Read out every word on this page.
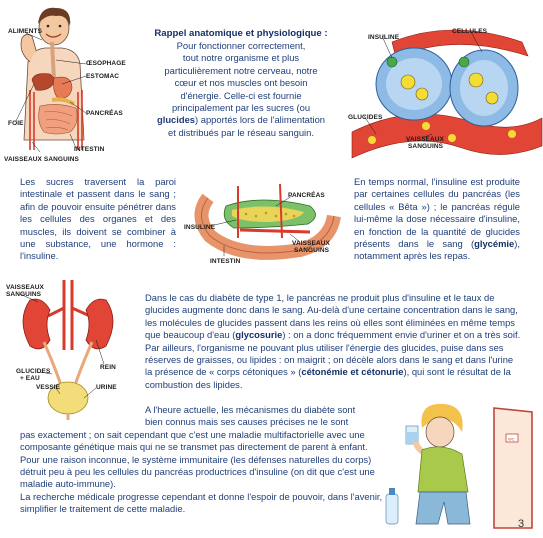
ALIMENTS
ŒSOPHAGE
ESTOMAC
PANCRÉAS
FOIE
INTESTIN
VAISSEAUX SANGUINS
Rappel anatomique et physiologique :
Pour fonctionner correctement,
tout notre organisme et plus
particulièrement notre cerveau, notre
cœur et nos muscles ont besoin
d'énergie. Celle-ci est fournie
principalement par les sucres (ou
glucides) apportés lors de l'alimentation
et distribués par le réseau sanguin.
INSULINE
CELLULES
GLUCIDES
VAISSEAUX
SANGUINS
Les sucres traversent la paroi intestinale et passent dans le sang ; afin de pouvoir ensuite pénétrer dans les cellules des organes et des muscles, ils doivent se combiner à une substance, une hormone : l'insuline.
PANCRÉAS
INSULINE
VAISSEAUX
SANGUINS
INTESTIN
En temps normal, l'insuline est produite par certaines cellules du pancréas (les cellules « Bêta ») ; le pancréas régule lui-même la dose nécessaire d'insuline, en fonction de la quantité de glucides présents dans le sang (glycémie), notamment après les repas.
VAISSEAUX
SANGUINS
REIN
GLUCIDES
+ EAU
VESSIE	URINE
Dans le cas du diabète de type 1, le pancréas ne produit plus d'insuline et le taux de glucides augmente donc dans le sang. Au-delà d'une certaine concentration dans le sang, les molécules de glucides passent dans les reins où elles sont éliminées en même temps que beaucoup d'eau (glycosurie) : on a donc fréquemment envie d'uriner et on a très soif. Par ailleurs, l'organisme ne pouvant plus utiliser l'énergie des glucides, puise dans ses réserves de graisses, ou lipides : on maigrit ; on décèle alors dans le sang et dans l'urine la présence de « corps cétoniques » (cétonémie et cétonurie), qui sont le résultat de la combustion des lipides.
WC
A l'heure actuelle, les mécanismes du diabète sont
bien connus mais ses causes précises ne le sont
pas exactement ; on sait cependant que c'est une maladie multifactorielle avec une composante génétique mais qui ne se transmet pas directement de parent à enfant. Pour une raison inconnue, le système immunitaire (les défenses naturelles du corps) détruit peu à peu les cellules du pancréas productrices d'insuline (on dit que c'est une maladie auto-immune).
La recherche médicale progresse cependant et donne l'espoir de pouvoir, dans l'avenir, simplifier le traitement de cette maladie.
3
